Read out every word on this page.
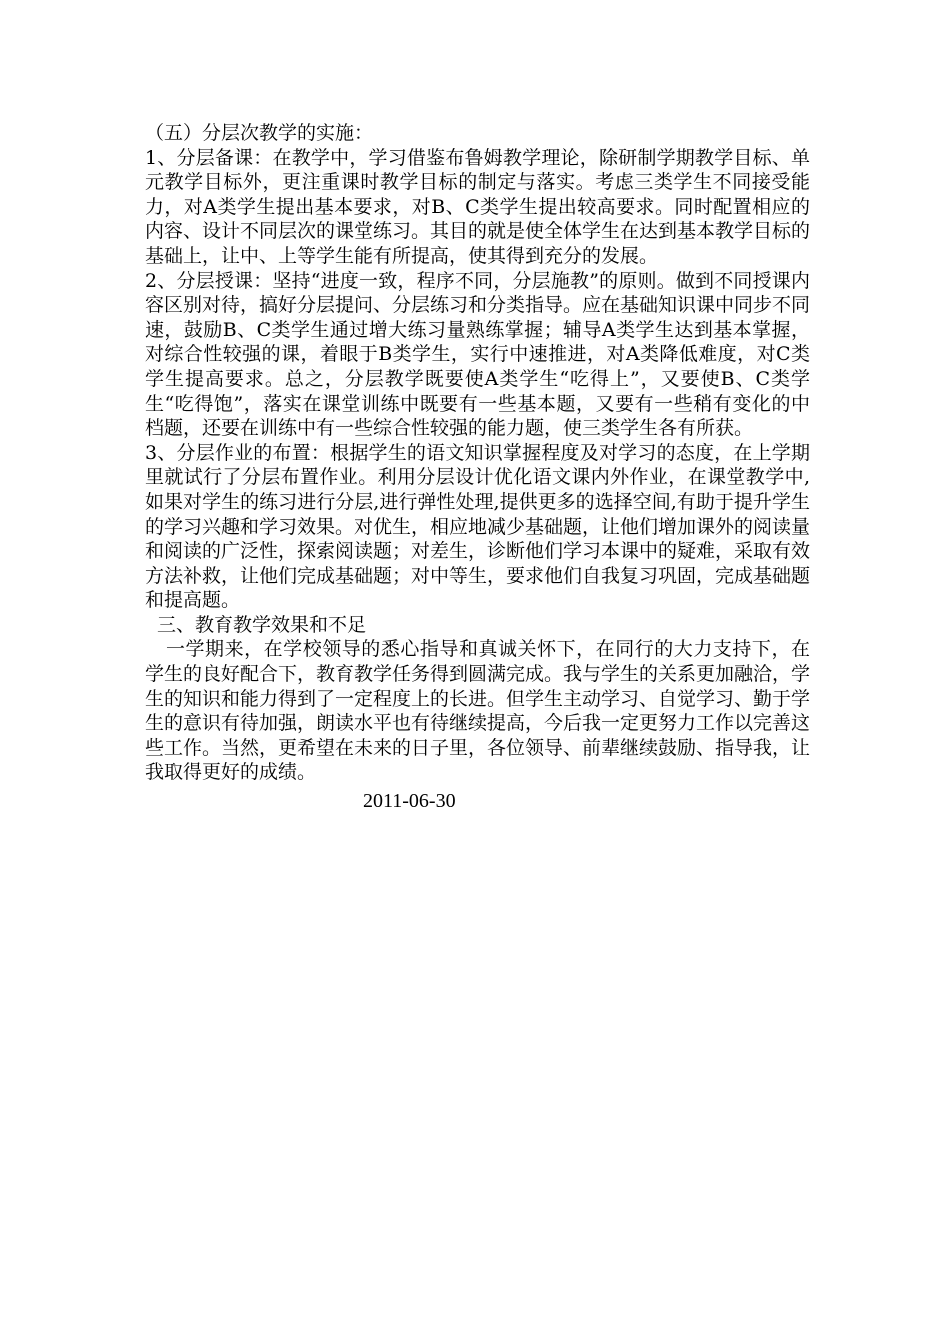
（五）分层次教学的实施：

1、分层备课：在教学中，学习借鉴布鲁姆教学理论，除研制学期教学目标、单元教学目标外，更注重课时教学目标的制定与落实。考虑三类学生不同接受能力，对A类学生提出基本要求，对B、C类学生提出较高要求。同时配置相应的内容、设计不同层次的课堂练习。其目的就是使全体学生在达到基本教学目标的基础上，让中、上等学生能有所提高，使其得到充分的发展。

2、分层授课：坚持“进度一致，程序不同，分层施教”的原则。做到不同授课内容区别对待，搞好分层提问、分层练习和分类指导。应在基础知识课中同步不同速，鼓励B、C类学生通过增大练习量熟练掌握；辅导A类学生达到基本掌握，对综合性较强的课，着眼于B类学生，实行中速推进，对A类降低难度，对C类学生提高要求。总之，分层教学既要使A类学生“吃得上”，又要使B、C类学生“吃得饱”，落实在课堂训练中既要有一些基本题，又要有一些稍有变化的中档题，还要在训练中有一些综合性较强的能力题，使三类学生各有所获。

3、分层作业的布置：根据学生的语文知识掌握程度及对学习的态度，在上学期里就试行了分层布置作业。利用分层设计优化语文课内外作业，在课堂教学中,如果对学生的练习进行分层,进行弹性处理,提供更多的选择空间,有助于提升学生的学习兴趣和学习效果。对优生，相应地减少基础题，让他们增加课外的阅读量和阅读的广泛性，探索阅读题；对差生，诊断他们学习本课中的疑难，采取有效方法补救，让他们完成基础题；对中等生，要求他们自我复习巩固，完成基础题和提高题。

三、教育教学效果和不足

一学期来，在学校领导的悉心指导和真诚关怀下，在同行的大力支持下，在学生的良好配合下，教育教学任务得到圆满完成。我与学生的关系更加融洽，学生的知识和能力得到了一定程度上的长进。但学生主动学习、自觉学习、勤于学生的意识有待加强，朗读水平也有待继续提高，今后我一定更努力工作以完善这些工作。当然，更希望在未来的日子里，各位领导、前辈继续鼓励、指导我，让我取得更好的成绩。

2011-06-30
